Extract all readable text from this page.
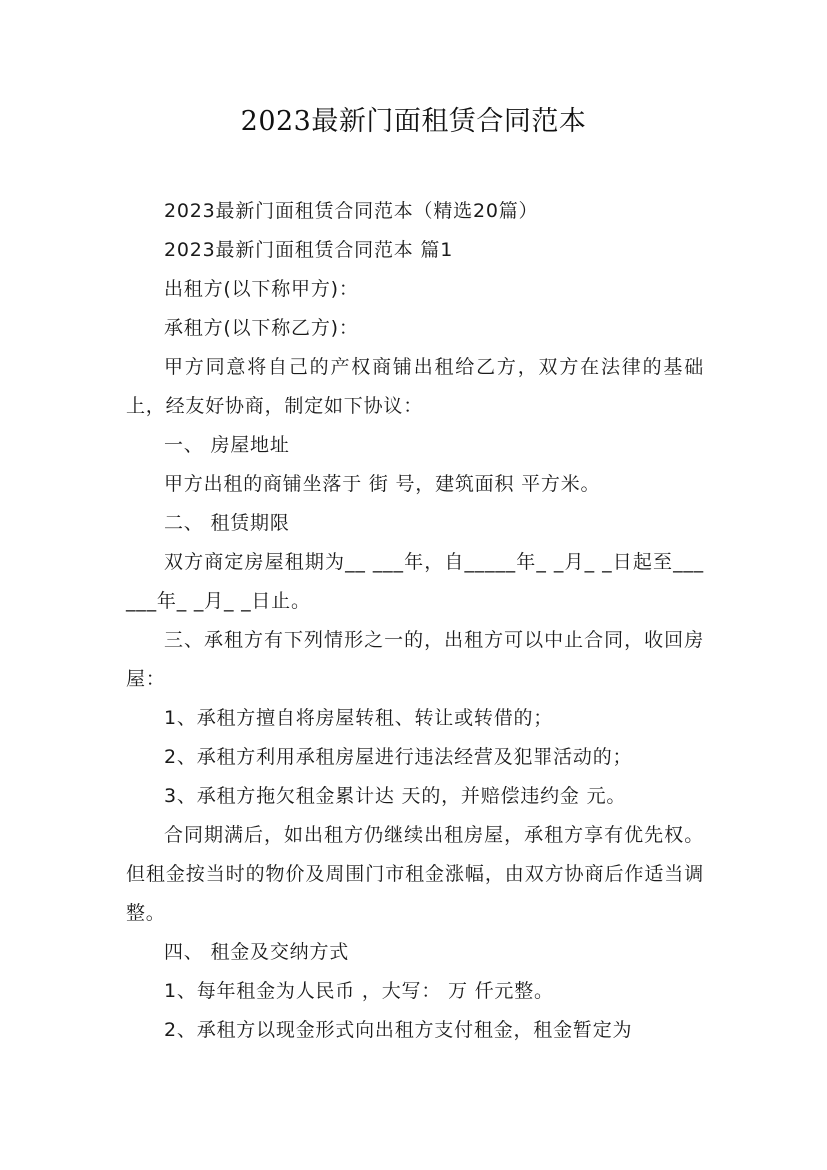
2023最新门面租赁合同范本

2023最新门面租赁合同范本（精选20篇）

2023最新门面租赁合同范本 篇1

出租方(以下称甲方)：

承租方(以下称乙方)：

甲方同意将自己的产权商铺出租给乙方，双方在法律的基础上，经友好协商，制定如下协议：

一、 房屋地址

甲方出租的商铺坐落于 街 号，建筑面积 平方米。

二、 租赁期限

双方商定房屋租期为__ ___年，自_____年_ _月_ _日起至______年_ _月_ _日止。

三、承租方有下列情形之一的，出租方可以中止合同，收回房屋：

1、承租方擅自将房屋转租、转让或转借的；

2、承租方利用承租房屋进行违法经营及犯罪活动的；

3、承租方拖欠租金累计达 天的，并赔偿违约金 元。

合同期满后，如出租方仍继续出租房屋，承租方享有优先权。但租金按当时的物价及周围门市租金涨幅，由双方协商后作适当调整。

四、 租金及交纳方式

1、每年租金为人民币 ，大写： 万 仟元整。

2、承租方以现金形式向出租方支付租金，租金暂定为
